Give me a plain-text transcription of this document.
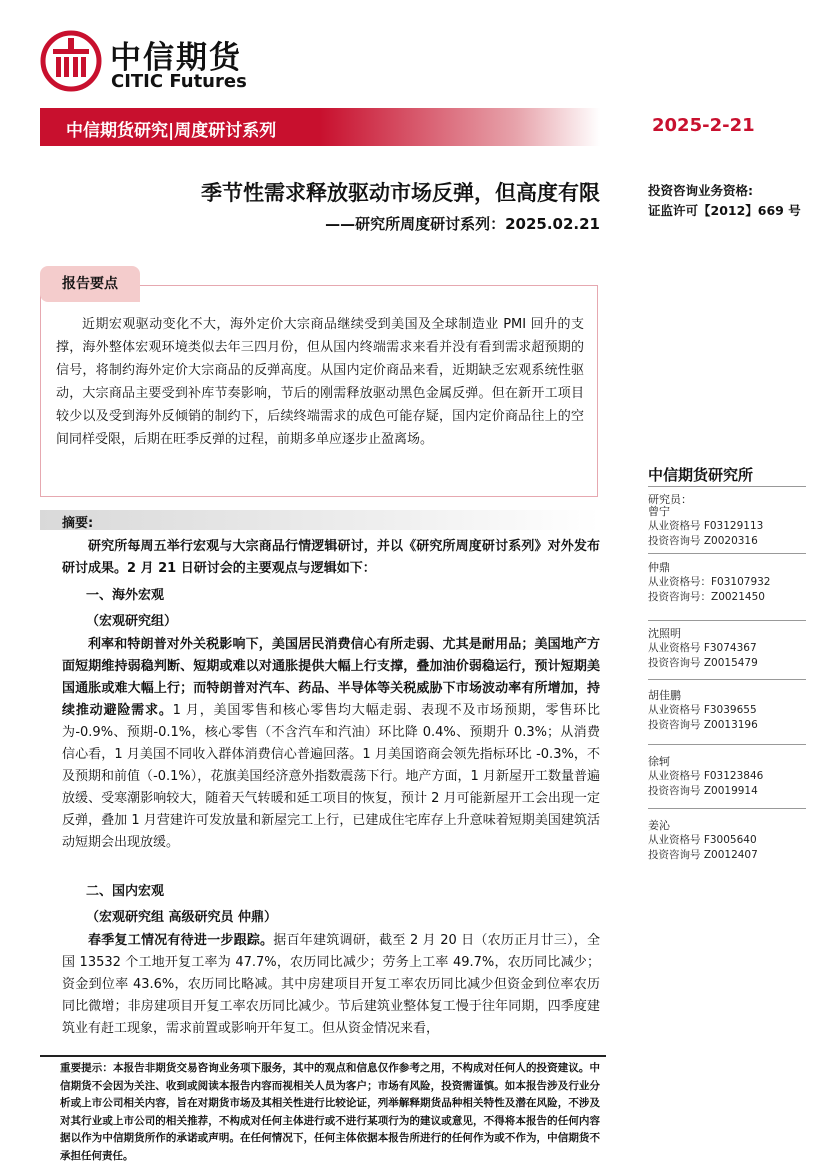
中信期货
CITIC Futures
中信期货研究|周度研讨系列	2025-2-21
季节性需求释放驱动市场反弹，但高度有限
——研究所周度研讨系列：2025.02.21
投资咨询业务资格:
证监许可【2012】669 号
报告要点
近期宏观驱动变化不大，海外定价大宗商品继续受到美国及全球制造业 PMI 回升的支撑，海外整体宏观环境类似去年三四月份，但从国内终端需求来看并没有看到需求超预期的信号，将制约海外定价大宗商品的反弹高度。从国内定价商品来看，近期缺乏宏观系统性驱动，大宗商品主要受到补库节奏影响，节后的刚需释放驱动黑色金属反弹。但在新开工项目较少以及受到海外反倾销的制约下，后续终端需求的成色可能存疑，国内定价商品往上的空间同样受限，后期在旺季反弹的过程，前期多单应逐步止盈离场。
摘要:
研究所每周五举行宏观与大宗商品行情逻辑研讨，并以《研究所周度研讨系列》对外发布研讨成果。2 月 21 日研讨会的主要观点与逻辑如下：
一、海外宏观
（宏观研究组）
利率和特朗普对外关税影响下，美国居民消费信心有所走弱、尤其是耐用品；美国地产方面短期维持弱稳判断、短期或难以对通胀提供大幅上行支撑，叠加油价弱稳运行，预计短期美国通胀或难大幅上行；而特朗普对汽车、药品、半导体等关税威胁下市场波动率有所增加，持续推动避险需求。1 月，美国零售和核心零售均大幅走弱、表现不及市场预期，零售环比为-0.9%、预期-0.1%，核心零售（不含汽车和汽油）环比降 0.4%、预期升 0.3%；从消费信心看，1 月美国不同收入群体消费信心普遍回落。1 月美国谘商会领先指标环比 -0.3%，不及预期和前值（-0.1%），花旗美国经济意外指数震荡下行。地产方面，1 月新屋开工数量普遍放缓、受寒潮影响较大，随着天气转暖和延工项目的恢复，预计 2 月可能新屋开工会出现一定反弹，叠加 1 月营建许可发放量和新屋完工上行，已建成住宅库存上升意味着短期美国建筑活动短期会出现放缓。
二、国内宏观
（宏观研究组 高级研究员 仲鼎）
春季复工情况有待进一步跟踪。据百年建筑调研，截至 2 月 20 日（农历正月廿三），全国 13532 个工地开复工率为 47.7%，农历同比减少；劳务上工率 49.7%，农历同比减少；资金到位率 43.6%，农历同比略减。其中房建项目开复工率农历同比减少但资金到位率农历同比微增；非房建项目开复工率农历同比减少。节后建筑业整体复工慢于往年同期，四季度建筑业有赶工现象，需求前置或影响开年复工。但从资金情况来看，
中信期货研究所
研究员：
曾宁
从业资格号 F03129113
投资咨询号 Z0020316
仲鼎
从业资格号：F03107932
投资咨询号：Z0021450
沈照明
从业资格号 F3074367
投资咨询号 Z0015479
胡佳鹏
从业资格号 F3039655
投资咨询号 Z0013196
徐轲
从业资格号 F03123846
投资咨询号 Z0019914
姜沁
从业资格号 F3005640
投资咨询号 Z0012407
重要提示：本报告非期货交易咨询业务项下服务，其中的观点和信息仅作参考之用，不构成对任何人的投资建议。中信期货不会因为关注、收到或阅读本报告内容而视相关人员为客户；市场有风险，投资需谨慎。如本报告涉及行业分析或上市公司相关内容，旨在对期货市场及其相关性进行比较论证，列举解释期货品种相关特性及潜在风险，不涉及对其行业或上市公司的相关推荐，不构成对任何主体进行或不进行某项行为的建议或意见，不得将本报告的任何内容据以作为中信期货所作的承诺或声明。在任何情况下，任何主体依据本报告所进行的任何作为或不作为，中信期货不承担任何责任。
